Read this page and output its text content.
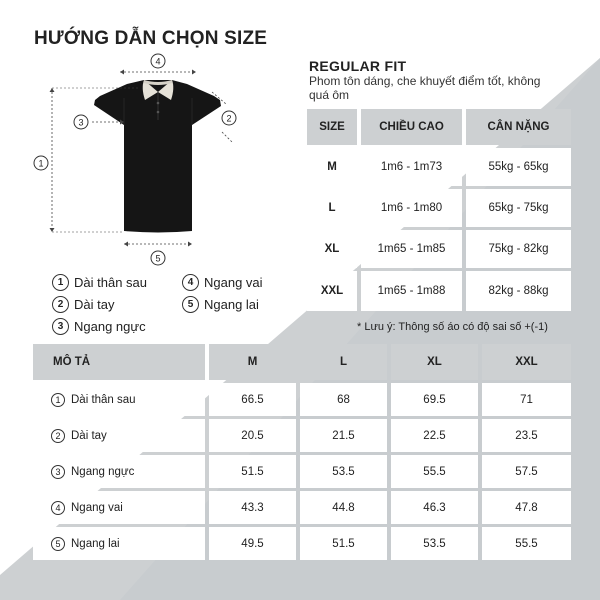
HƯỚNG DẪN CHỌN SIZE
4
1
3	2
5
1 Dài thân sau
2 Dài tay
3 Ngang ngực
4 Ngang vai
5 Ngang lai
REGULAR FIT
Phom tôn dáng, che khuyết điểm tốt, không quá ôm
SIZE	CHIỀU CAO	CÂN NẶNG
M	1m6 - 1m73	55kg - 65kg
L	1m6 - 1m80	65kg - 75kg
XL	1m65 - 1m85	75kg - 82kg
XXL	1m65 - 1m88	82kg - 88kg
* Lưu ý: Thông số áo có độ sai số +(-1)
MÔ TẢ	M	L	XL	XXL
1 Dài thân sau	66.5	68	69.5	71
2 Dài tay	20.5	21.5	22.5	23.5
3 Ngang ngực	51.5	53.5	55.5	57.5
4 Ngang vai	43.3	44.8	46.3	47.8
5 Ngang lai	49.5	51.5	53.5	55.5
